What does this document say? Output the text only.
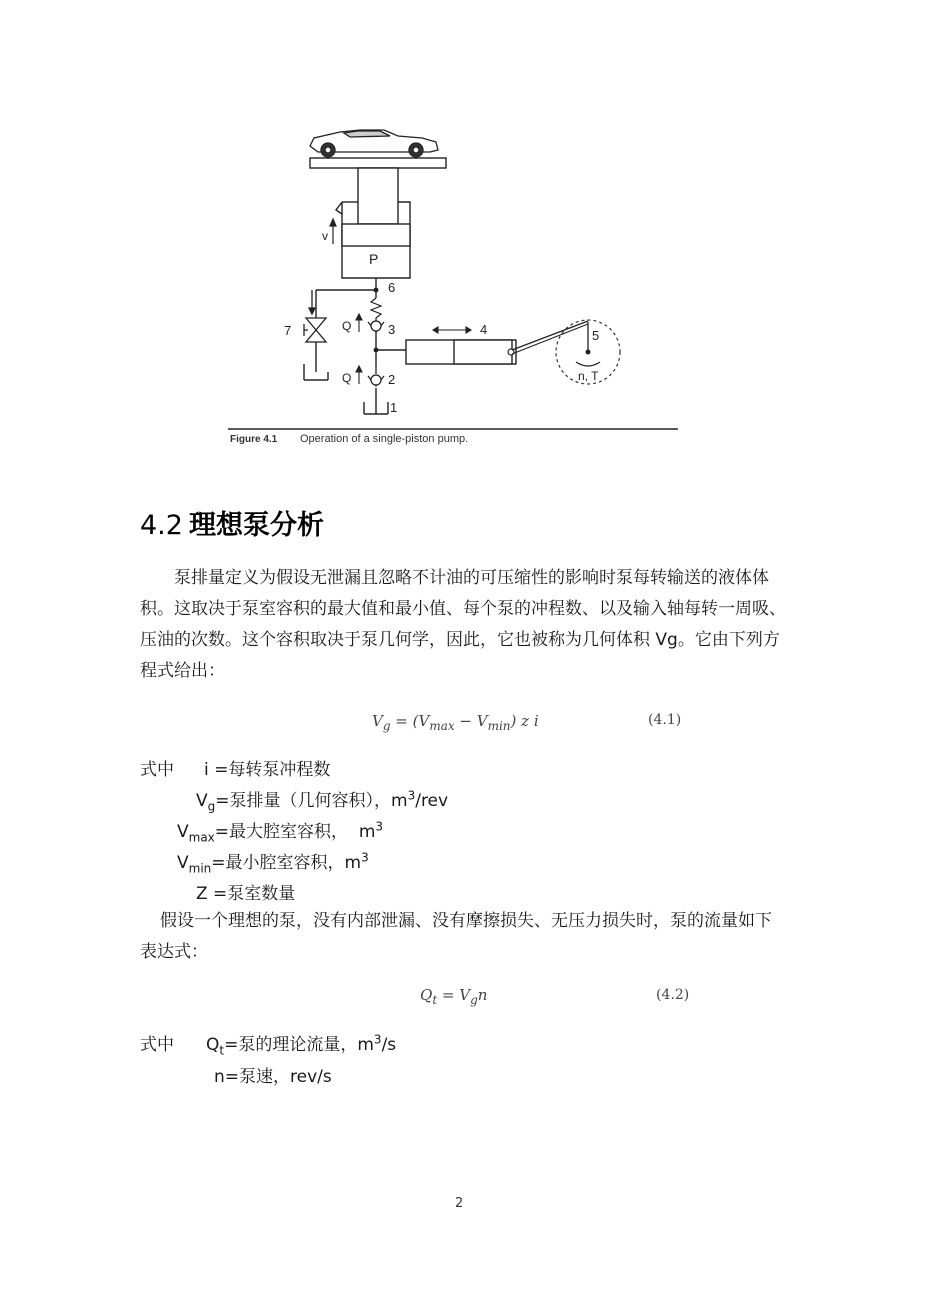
v
P
6
7	Q	3
Q	2
1
4	5
n, T
Figure 4.1 Operation of a single-piston pump.
4.2 理想泵分析
泵排量定义为假设无泄漏且忽略不计油的可压缩性的影响时泵每转输送的液体体积。这取决于泵室容积的最大值和最小值、每个泵的冲程数、以及输入轴每转一周吸、压油的次数。这个容积取决于泵几何学，因此，它也被称为几何体积 Vg。它由下列方程式给出：
$V_g = (V_{max} - V_{min})$ z i	(4.1)
式中 i =每转泵冲程数
$V_g=$泵排量（几何容积），$m^3$/rev
$V_{max}=$最大腔室容积，  $m^3$
$V_{min}=$最小腔室容积，$m^3$
Z =泵室数量
假设一个理想的泵，没有内部泄漏、没有摩擦损失、无压力损失时，泵的流量如下表达式：
$Q_t = V_gn$	(4.2)
式中 $Q_t=$泵的理论流量，$m^3/s$
n=泵速，rev/s
2
